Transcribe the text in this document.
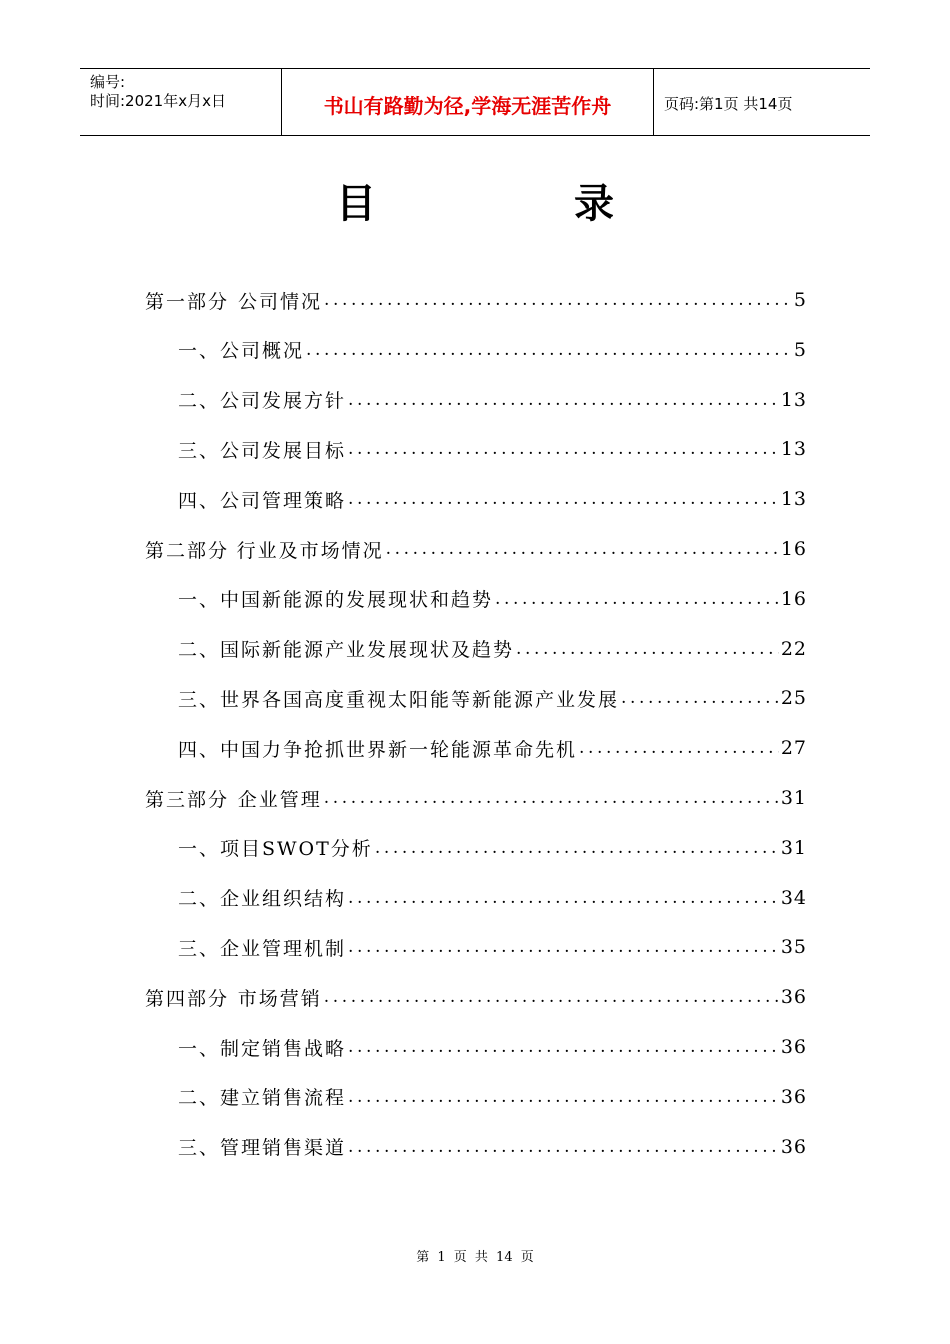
编号:
时间:2021年x月x日	书山有路勤为径,学海无涯苦作舟	页码:第1页 共14页
目 录
第一部分 公司情况 .....	5
一、 公司概况 .....	5
二、 公司发展方针 .....	13
三、 公司发展目标 .....	13
四、 公司管理策略 .....	13
第二部分 行业及市场情况 .....	16
一、 中国新能源的发展现状和趋势 .....	16
二、 国际新能源产业发展现状及趋势 .....	22
三、 世界各国高度重视太阳能等新能源产业发展 .....	25
四、 中国力争抢抓世界新一轮能源革命先机 .....	27
第三部分 企业管理 .....	31
一、 项目SWOT分析 .....	31
二、 企业组织结构 .....	34
三、 企业管理机制 .....	35
第四部分 市场营销 .....	36
一、 制定销售战略 .....	36
二、 建立销售流程 .....	36
三、 管理销售渠道 .....	36
第 1 页 共 14 页
